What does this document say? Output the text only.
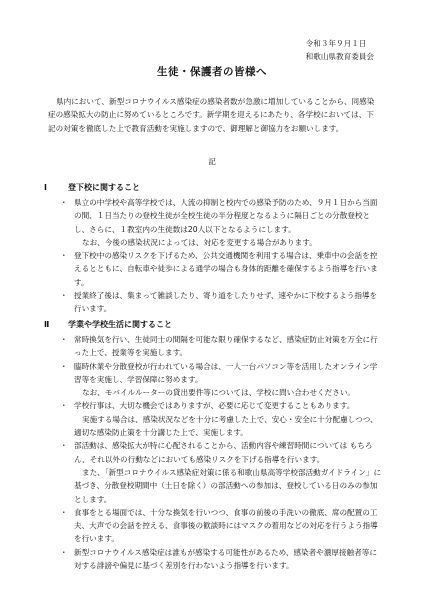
令和３年９月１日
和歌山県教育委員会
生徒・保護者の皆様へ
県内において、新型コロナウイルス感染症の感染者数が急激に増加していることから、同感染症の感染拡大の防止に努めているところです。新学期を迎えるにあたり、各学校においては、下記の対策を徹底した上で教育活動を実施しますので、御理解と御協力をお願いします。
記
Ⅰ	登下校に関すること
・ 県立の中学校や高等学校では、人流の抑制と校内での感染予防のため、９月１日から当面の間、１日当たりの登校生徒が全校生徒の半分程度となるように隔日ごとの分散登校とし、さらに、１教室内の生徒数は20人以下となるようにします。
なお、今後の感染状況によっては、対応を変更する場合があります。
・ 登下校中の感染リスクを下げるため、公共交通機関を利用する場合は、乗車中の会話を控えるとともに、自転車や徒歩による通学の場合も身体的距離を確保するよう指導を行います。
・ 授業終了後は、集まって雑談したり、寄り道をしたりせず、速やかに下校するよう指導を行います。
Ⅱ 学業や学校生活に関すること
・ 常時換気を行い、生徒同士の間隔を可能な限り確保するなど、感染症防止対策を万全に行った上で、授業等を実施します。
・ 臨時休業や分散登校が行われている場合は、一人一台パソコン等を活用したオンライン学習等を実施し、学習保障に努めます。
なお、モバイルルーターの貸出要件等については、学校に問い合わせください。
・ 学校行事は、大切な機会ではありますが、必要に応じて変更することもあります。
実施する場合は、感染状況などを十分に考慮した上で、安心・安全に十分配慮しつつ、適切な感染防止策を十分講じた上で、実施します。
・ 部活動は、感染拡大が特に心配されることから、活動内容や練習時間については もちろん、それ以外の行動などにおいても感染リスクを下げる指導を行います。
また、「新型コロナウイルス感染症対策に係る和歌山県高等学校部活動ガイドライン」に基づき、分散登校期間中（土日を除く）の部活動への参加は、登校している日のみの参加とします。
・ 食事をとる場面では、十分な換気を行いつつ、食事の前後の手洗いの徹底、席の配置の工夫、大声での会話を控える、食事後の歓談時にはマスクの着用などの対応を行うよう指導を行います。
・ 新型コロナウイルス感染症は誰もが感染する可能性があるため、感染者や濃厚接触者等に対する誹謗や偏見に基づく差別を行わないよう指導を行います。
